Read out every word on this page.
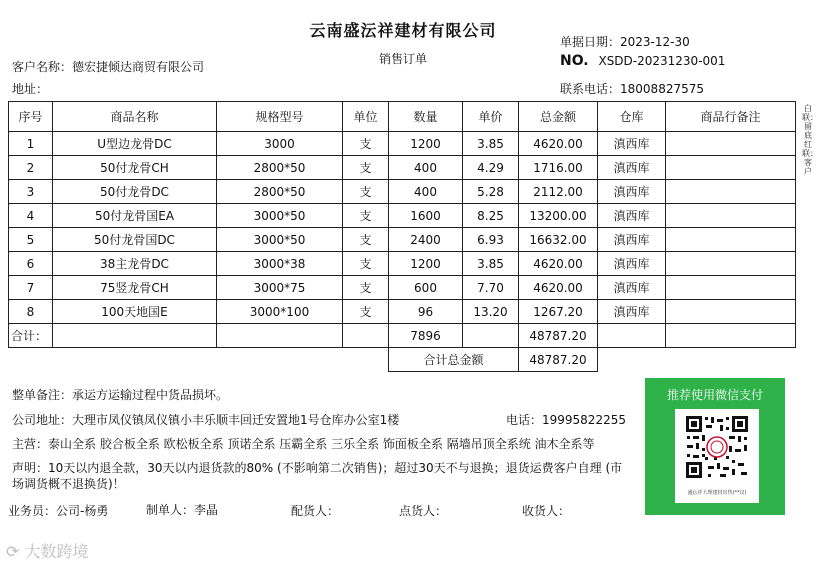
云南盛沄祥建材有限公司
销售订单
客户名称：德宏捷倾达商贸有限公司
地址：
单据日期：2023-12-30
NO. XSDD-20231230-001
联系电话：18008827575
序号	商品名称	规格型号	单位	数量	单价	总金额	仓库	商品行备注
1	U型边龙骨DC	3000	支	1200	3.85	4620.00	滇西库	
2	50付龙骨CH	2800*50	支	400	4.29	1716.00	滇西库	
3	50付龙骨DC	2800*50	支	400	5.28	2112.00	滇西库	
4	50付龙骨国EA	3000*50	支	1600	8.25	13200.00	滇西库	
5	50付龙骨国DC	3000*50	支	2400	6.93	16632.00	滇西库	
6	38主龙骨DC	3000*38	支	1200	3.85	4620.00	滇西库	
7	75竖龙骨CH	3000*75	支	600	7.70	4620.00	滇西库	
8	100天地国E	3000*100	支	96	13.20	1267.20	滇西库	
合计：				7896		48787.20		
				合计总金额		48787.20		
白联：留底红联：客户
整单备注：承运方运输过程中货品损坏。
公司地址：大理市凤仪镇凤仪镇小丰乐顺丰回迁安置地1号仓库办公室1楼	电话：19995822255
主营：泰山全系 胶合板全系 欧松板全系 顶诺全系 压霸全系 三乐全系 饰面板全系 隔墙吊顶全系统 油木全系等
声明：10天以内退全款，30天以内退货款的80% (不影响第二次销售)；超过30天不与退换；退货运费客户自理 (市
场调货概不退换货)！
业务员：公司-杨勇	制单人：李晶	配货人：	点货人：	收货人：
推荐使用微信支付
盛沄祥大理建材出售(**汉)
⟳ 大数跨境
